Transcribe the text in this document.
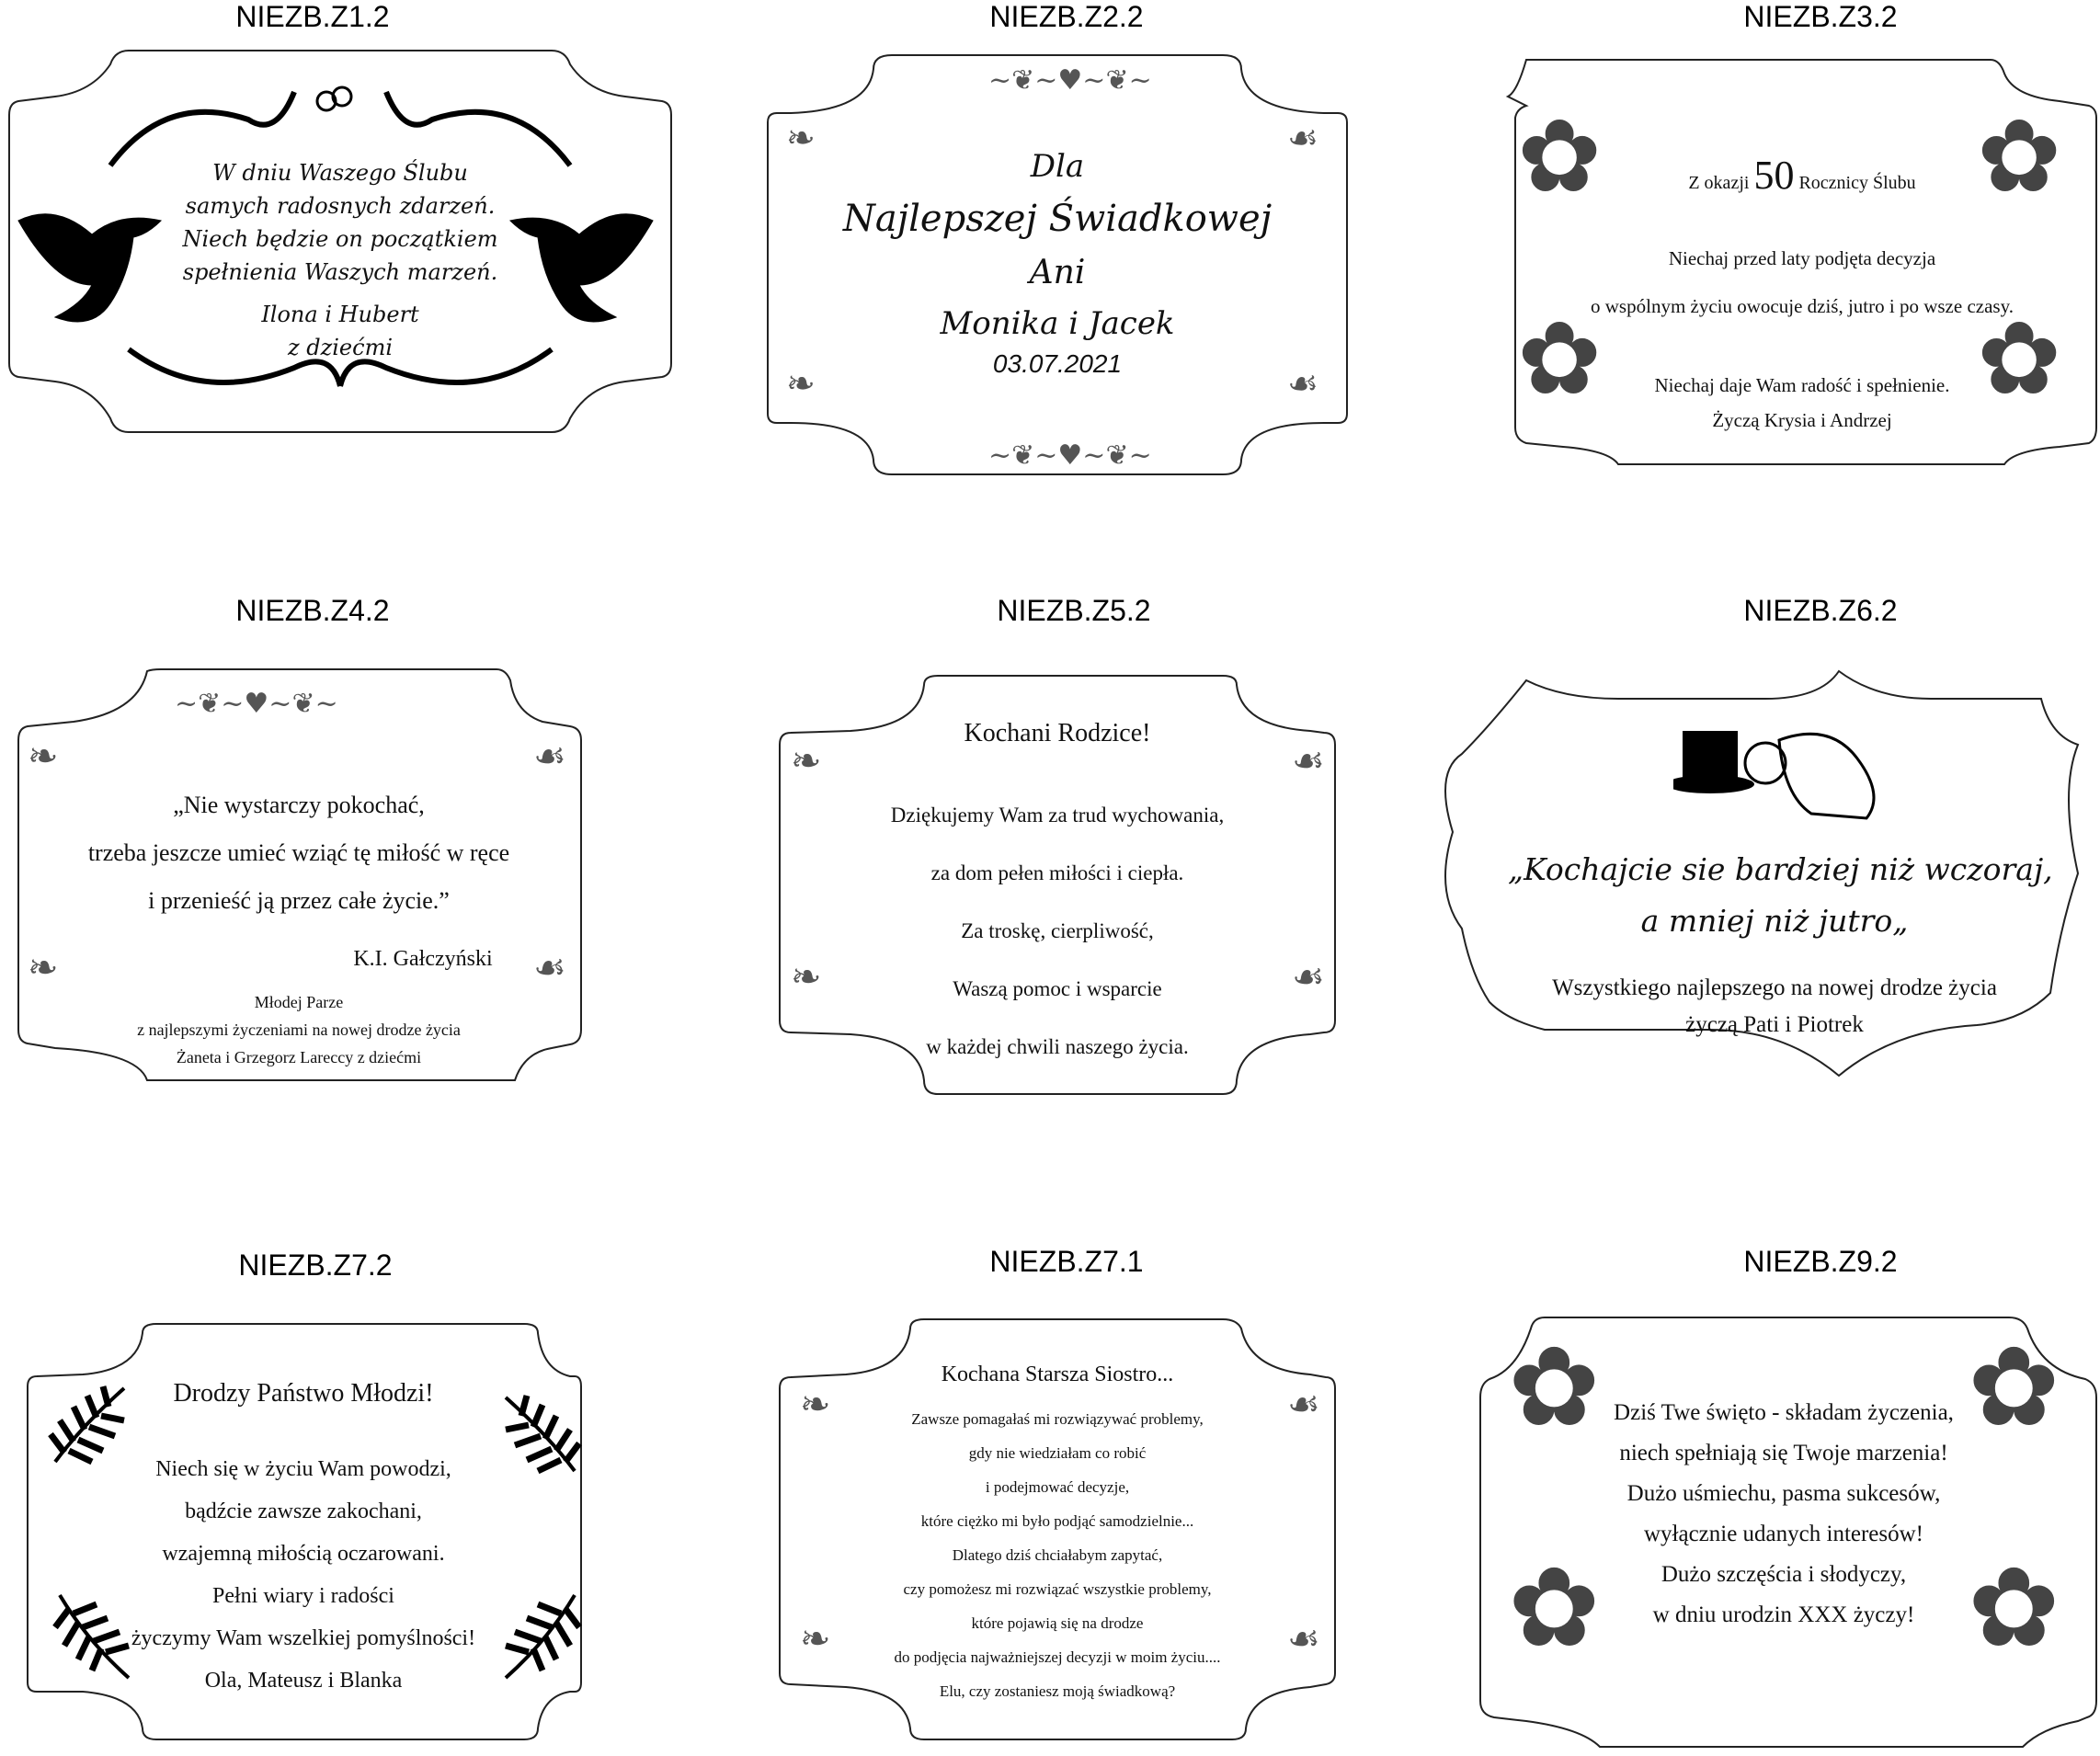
NIEZB.Z1.2	NIEZB.Z2.2	NIEZB.Z3.2
NIEZB.Z4.2	NIEZB.Z5.2	NIEZB.Z6.2
NIEZB.Z7.2	NIEZB.Z7.1	NIEZB.Z9.2
W dniu Waszego Ślubu
samych radosnych zdarzeń.
Niech będzie on początkiem
spełnienia Waszych marzeń.
Ilona i Hubert
z dziećmi
~❦~♥~❦~
~❦~♥~❦~
❧	☙
❧	☙
Dla
Najlepszej Świadkowej
Ani
Monika i Jacek
03.07.2021
✿	✿
✿	✿
Z okazji 50 Rocznicy Ślubu
Niechaj przed laty podjęta decyzja
o wspólnym życiu owocuje dziś, jutro i po wsze czasy.
Niechaj daje Wam radość i spełnienie.
Życzą Krysia i Andrzej
~❦~♥~❦~
❧	☙
❧	☙
„Nie wystarczy pokochać,
trzeba jeszcze umieć wziąć tę miłość w ręce
i przenieść ją przez całe życie.”
K.I. Gałczyński
Młodej Parze
z najlepszymi życzeniami na nowej drodze życia
Żaneta i Grzegorz Lareccy z dziećmi
❧	☙
❧	☙
Kochani Rodzice!
Dziękujemy Wam za trud wychowania,
za dom pełen miłości i ciepła.
Za troskę, cierpliwość,
Waszą pomoc i wsparcie
w każdej chwili naszego życia.
„Kochajcie sie bardziej niż wczoraj,
a mniej niż jutro„
Wszystkiego najlepszego na nowej drodze życia
życzą Pati i Piotrek
Drodzy Państwo Młodzi!
Niech się w życiu Wam powodzi,
bądźcie zawsze zakochani,
wzajemną miłością oczarowani.
Pełni wiary i radości
życzymy Wam wszelkiej pomyślności!
Ola, Mateusz i Blanka
❧	☙
❧	☙
Kochana Starsza Siostro...
Zawsze pomagałaś mi rozwiązywać problemy,
gdy nie wiedziałam co robić
i podejmować decyzje,
które ciężko mi było podjąć samodzielnie...
Dlatego dziś chciałabym zapytać,
czy pomożesz mi rozwiązać wszystkie problemy,
które pojawią się na drodze
do podjęcia najważniejszej decyzji w moim życiu....
Elu, czy zostaniesz moją świadkową?
✿	✿
✿	✿
Dziś Twe święto - składam życzenia,
niech spełniają się Twoje marzenia!
Dużo uśmiechu, pasma sukcesów,
wyłącznie udanych interesów!
Dużo szczęścia i słodyczy,
w dniu urodzin XXX życzy!
